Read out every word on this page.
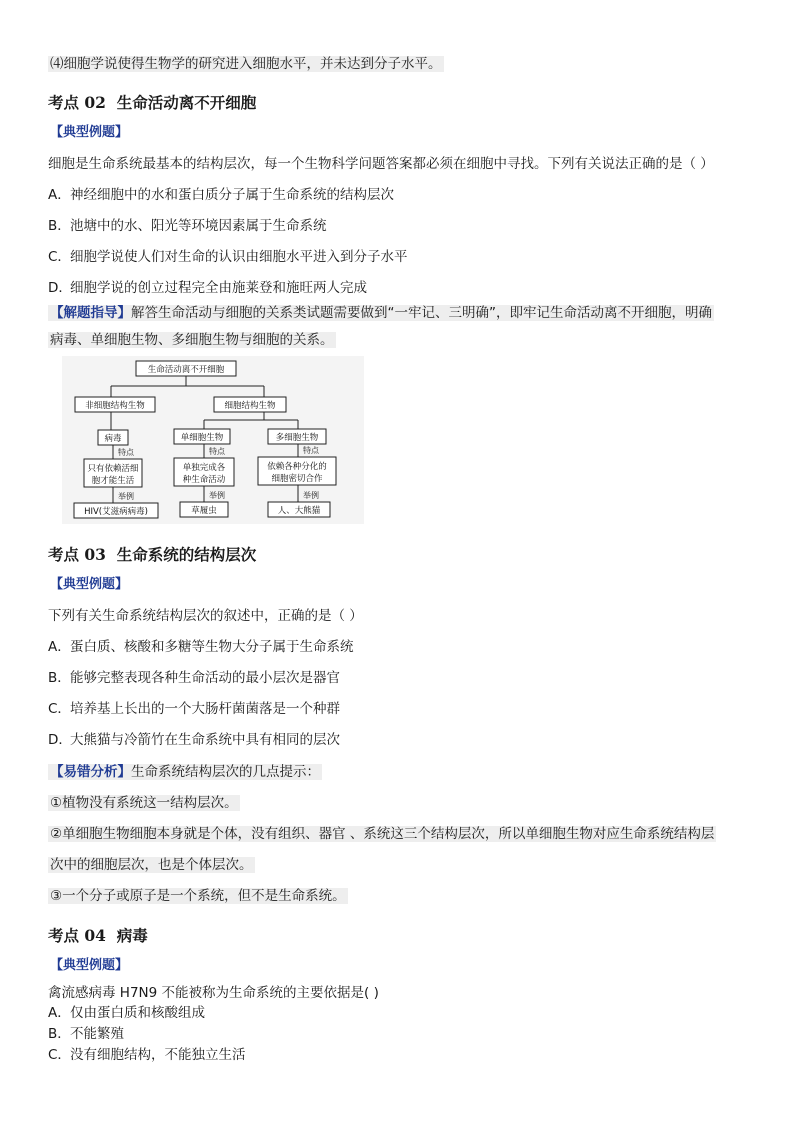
⑷细胞学说使得生物学的研究进入细胞水平，并未达到分子水平。
考点 02 生命活动离不开细胞
【典型例题】
细胞是生命系统最基本的结构层次，每一个生物科学问题答案都必须在细胞中寻找。下列有关说法正确的是（ ）
A．神经细胞中的水和蛋白质分子属于生命系统的结构层次
B．池塘中的水、阳光等环境因素属于生命系统
C．细胞学说使人们对生命的认识由细胞水平进入到分子水平
D．细胞学说的创立过程完全由施莱登和施旺两人完成
【解题指导】解答生命活动与细胞的关系类试题需要做到“一牢记、三明确”，即牢记生命活动离不开细胞，明确
病毒、单细胞生物、多细胞生物与细胞的关系。
生命活动离不开细胞
非细胞结构生物	细胞结构生物
病毒	单细胞生物	多细胞生物
特点	特点	特点
只有依赖活细
胞才能生活
单独完成各
种生命活动
依赖各种分化的
细胞密切合作
举例	举例	举例
HIV(艾滋病病毒)	草履虫	人、大熊猫
考点 03 生命系统的结构层次
【典型例题】
下列有关生命系统结构层次的叙述中，正确的是（ ）
A．蛋白质、核酸和多糖等生物大分子属于生命系统
B．能够完整表现各种生命活动的最小层次是器官
C．培养基上长出的一个大肠杆菌菌落是一个种群
D．大熊猫与冷箭竹在生命系统中具有相同的层次
【易错分析】生命系统结构层次的几点提示：
①植物没有系统这一结构层次。
②单细胞生物细胞本身就是个体，没有组织、器官 、系统这三个结构层次，所以单细胞生物对应生命系统结构层
次中的细胞层次，也是个体层次。
③一个分子或原子是一个系统，但不是生命系统。
考点 04 病毒
【典型例题】
禽流感病毒 H7N9 不能被称为生命系统的主要依据是( )
A．仅由蛋白质和核酸组成
B．不能繁殖
C．没有细胞结构，不能独立生活
